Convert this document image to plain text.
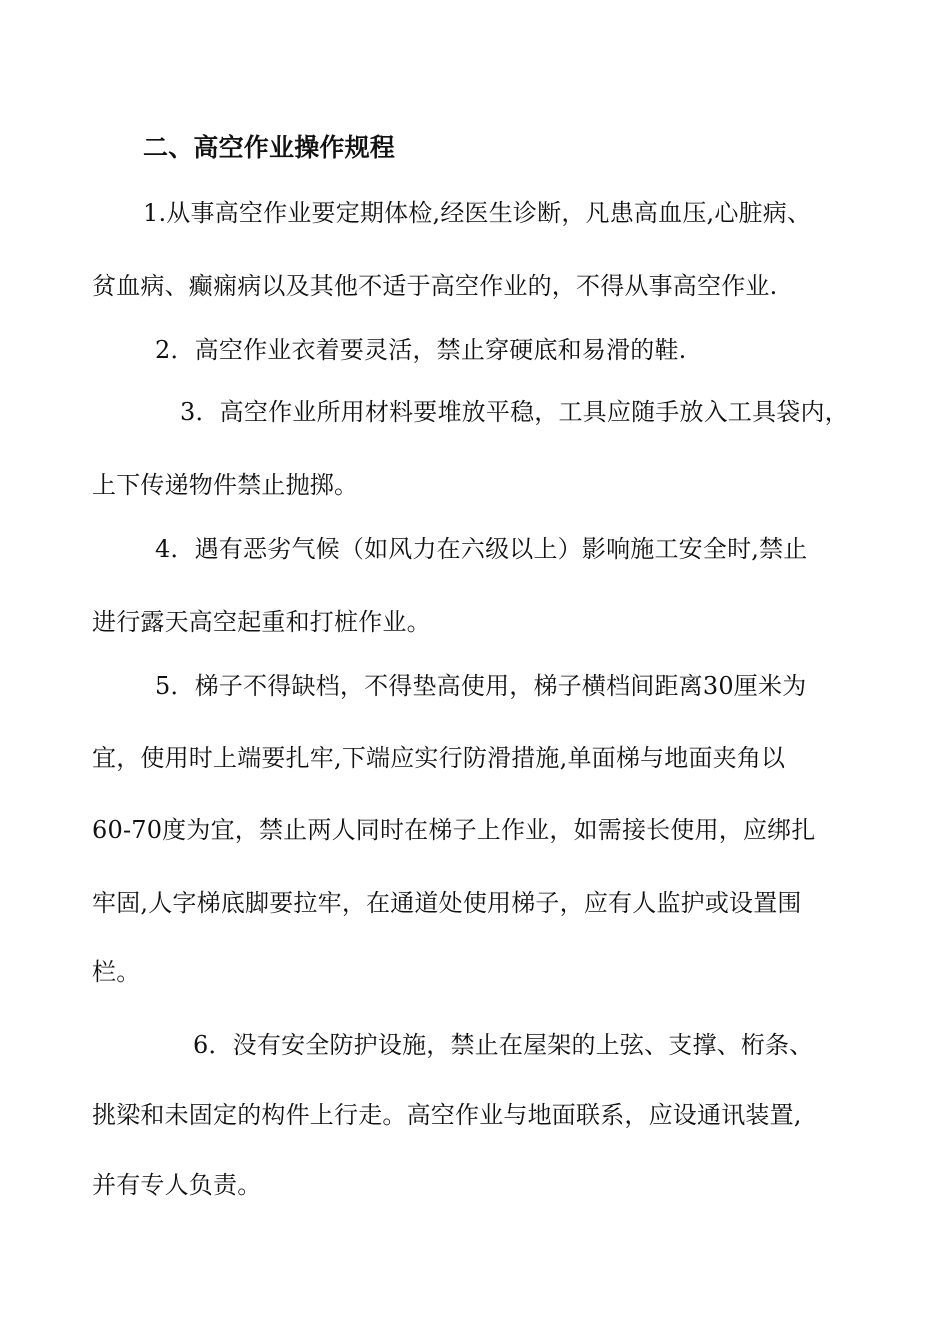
二、高空作业操作规程
1.从事高空作业要定期体检,经医生诊断，凡患高血压,心脏病、
贫血病、癫痫病以及其他不适于高空作业的，不得从事高空作业.
2．高空作业衣着要灵活，禁止穿硬底和易滑的鞋.
3．高空作业所用材料要堆放平稳，工具应随手放入工具袋内，
上下传递物件禁止抛掷。
4．遇有恶劣气候（如风力在六级以上）影响施工安全时,禁止
进行露天高空起重和打桩作业。
5．梯子不得缺档，不得垫高使用，梯子横档间距离30厘米为
宜，使用时上端要扎牢,下端应实行防滑措施,单面梯与地面夹角以
60-70度为宜，禁止两人同时在梯子上作业，如需接长使用，应绑扎
牢固,人字梯底脚要拉牢，在通道处使用梯子，应有人监护或设置围
栏。
6．没有安全防护设施，禁止在屋架的上弦、支撑、桁条、
挑梁和未固定的构件上行走。高空作业与地面联系，应设通讯装置,
并有专人负责。
